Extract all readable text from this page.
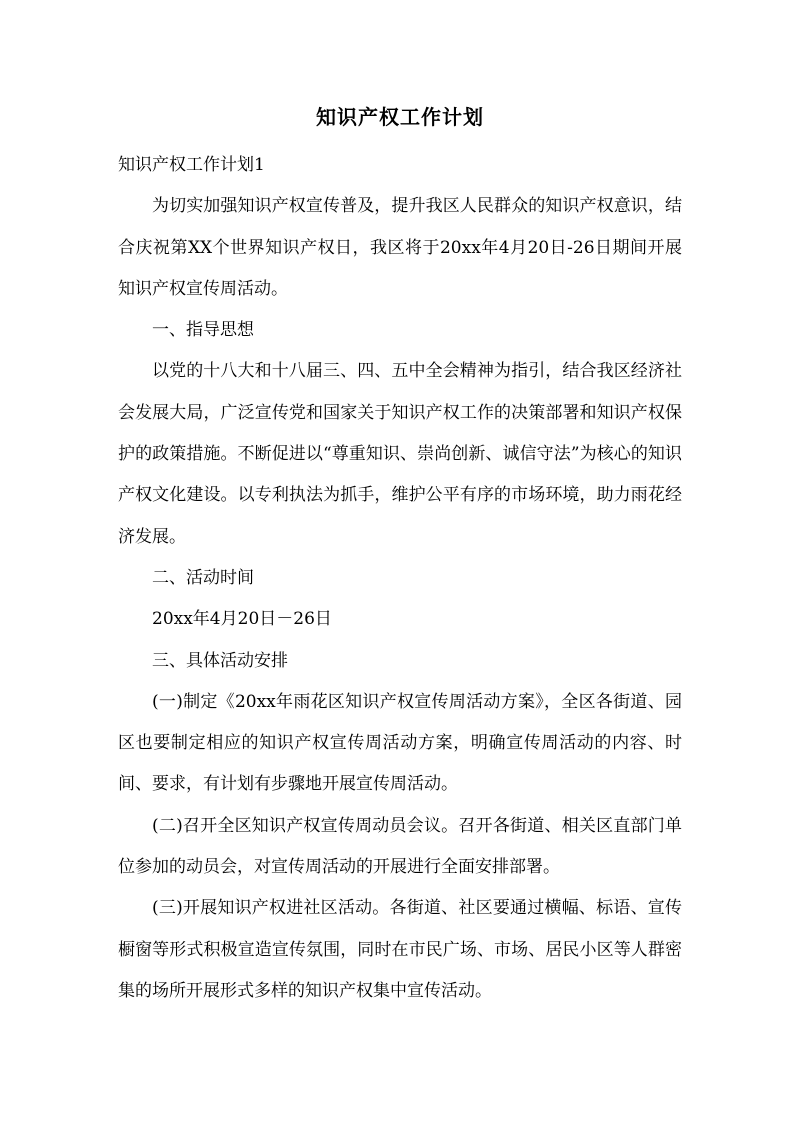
知识产权工作计划

知识产权工作计划1

为切实加强知识产权宣传普及，提升我区人民群众的知识产权意识，结合庆祝第XX个世界知识产权日，我区将于20xx年4月20日-26日期间开展知识产权宣传周活动。

一、指导思想

以党的十八大和十八届三、四、五中全会精神为指引，结合我区经济社会发展大局，广泛宣传党和国家关于知识产权工作的决策部署和知识产权保护的政策措施。不断促进以“尊重知识、崇尚创新、诚信守法”为核心的知识产权文化建设。以专利执法为抓手，维护公平有序的市场环境，助力雨花经济发展。

二、活动时间

20xx年4月20日－26日

三、具体活动安排

(一)制定《20xx年雨花区知识产权宣传周活动方案》，全区各街道、园区也要制定相应的知识产权宣传周活动方案，明确宣传周活动的内容、时间、要求，有计划有步骤地开展宣传周活动。

(二)召开全区知识产权宣传周动员会议。召开各街道、相关区直部门单位参加的动员会，对宣传周活动的开展进行全面安排部署。

(三)开展知识产权进社区活动。各街道、社区要通过横幅、标语、宣传橱窗等形式积极宣造宣传氛围，同时在市民广场、市场、居民小区等人群密集的场所开展形式多样的知识产权集中宣传活动。
